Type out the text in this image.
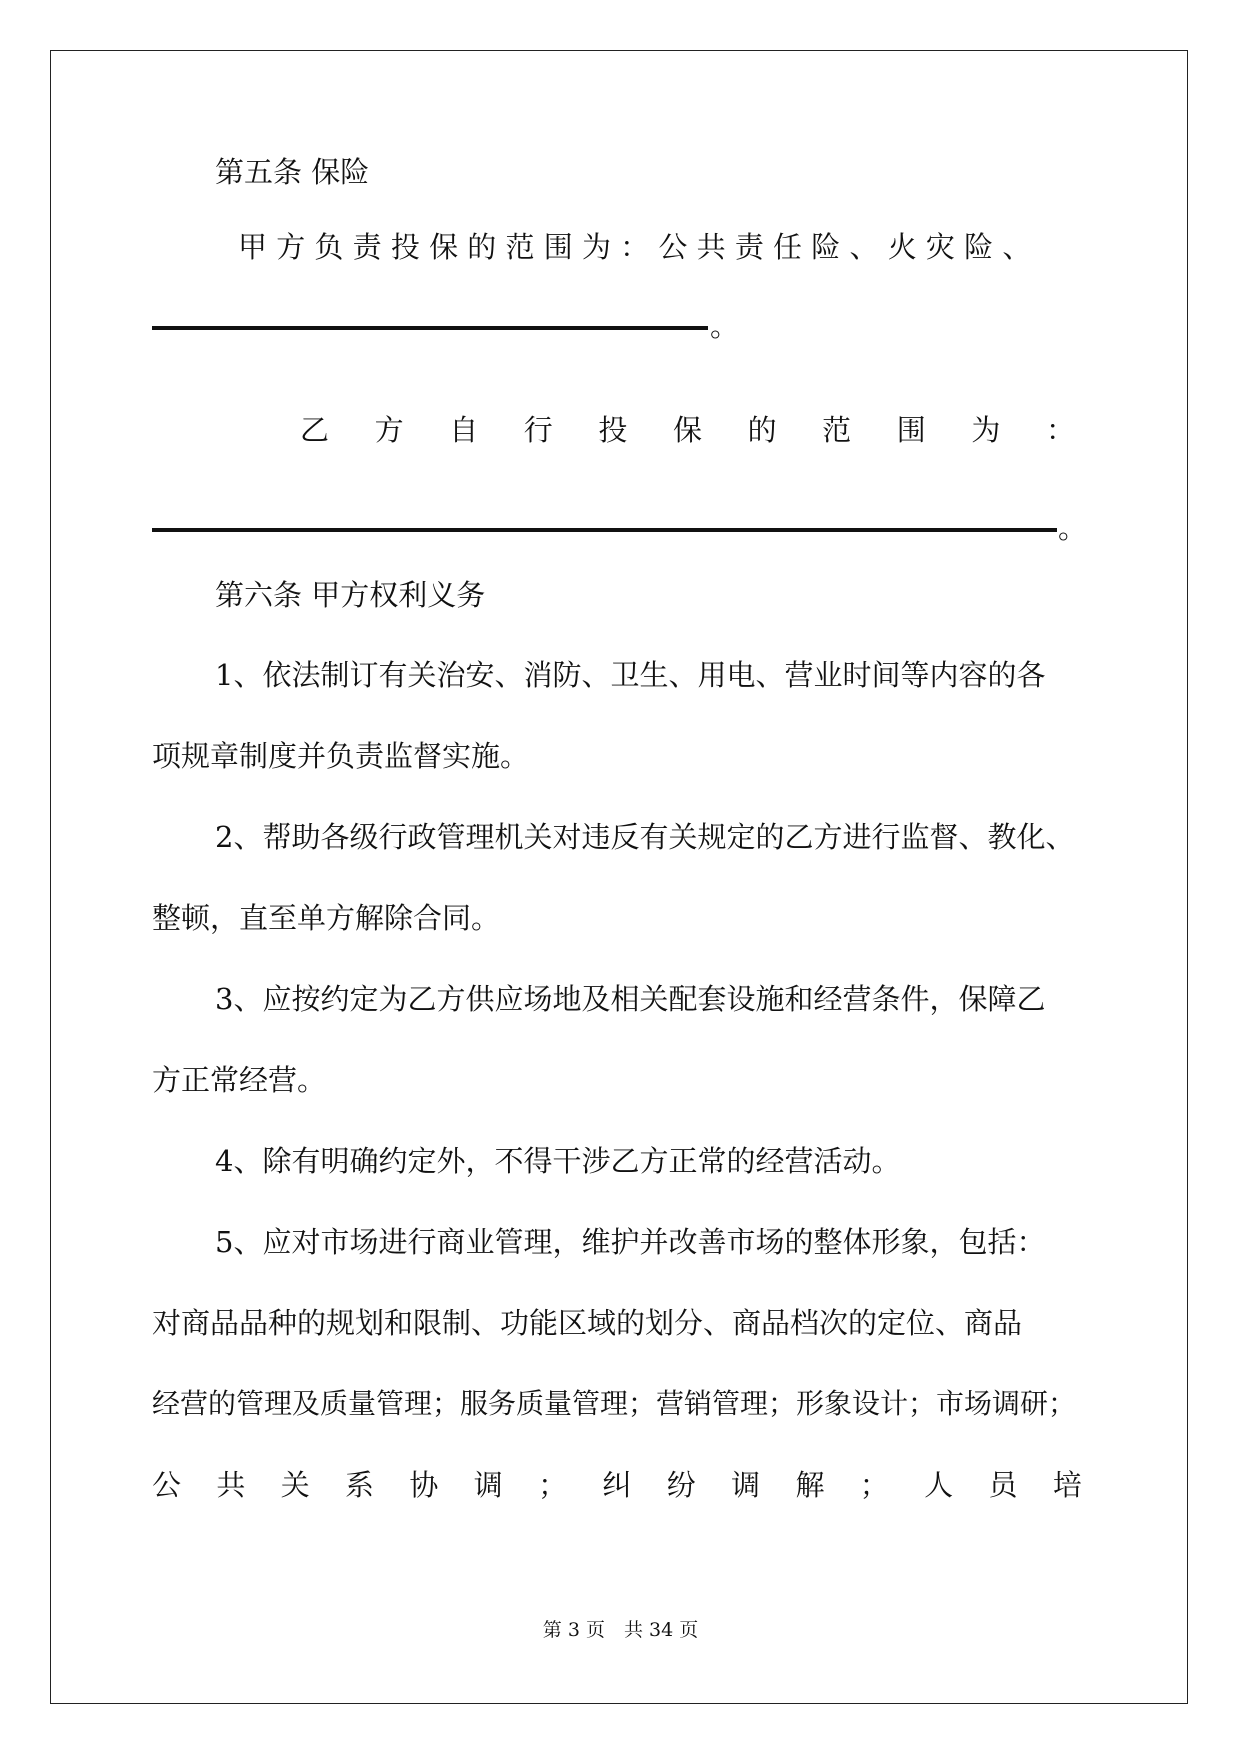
第五条 保险
甲 方 负 责 投 保 的 范 围 为 ： 公 共 责 任 险 、 火 灾 险 、
。
乙 方 自 行 投 保 的 范 围 为 ：
。
第六条 甲方权利义务
1、依法制订有关治安、消防、卫生、用电、营业时间等内容的各
项规章制度并负责监督实施。
2、帮助各级行政管理机关对违反有关规定的乙方进行监督、教化、
整顿，直至单方解除合同。
3、应按约定为乙方供应场地及相关配套设施和经营条件，保障乙
方正常经营。
4、除有明确约定外，不得干涉乙方正常的经营活动。
5、应对市场进行商业管理，维护并改善市场的整体形象，包括：
对商品品种的规划和限制、功能区域的划分、商品档次的定位、商品
经营的管理及质量管理；服务质量管理；营销管理；形象设计；市场调研；
公 共 关 系 协 调 ； 纠 纷 调 解 ； 人 员 培
第 3 页　共 34 页
